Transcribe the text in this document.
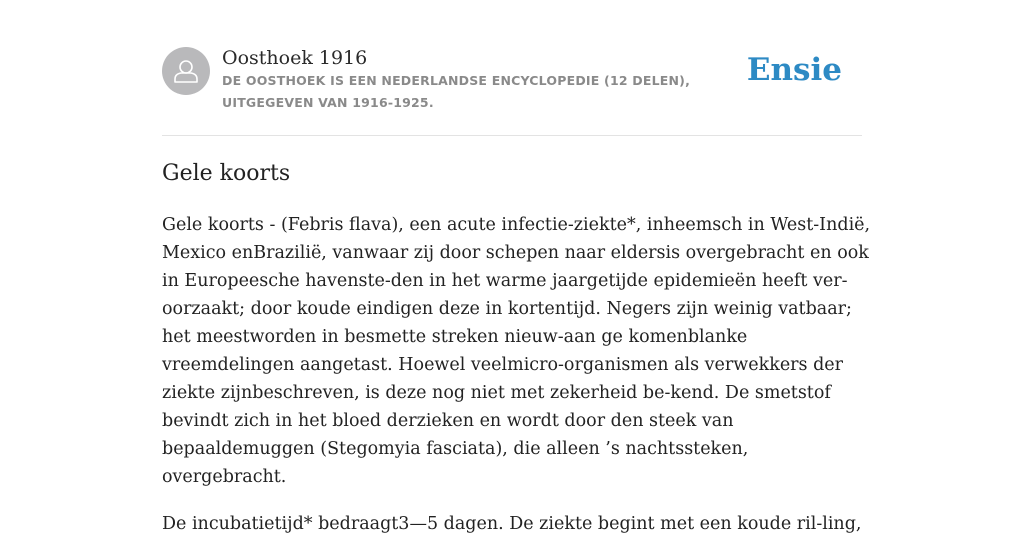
Oosthoek 1916

DE OOSTHOEK IS EEN NEDERLANDSE ENCYCLOPEDIE (12 DELEN), UITGEGEVEN VAN 1916-1925.

Ensie
Gele koorts

Gele koorts - (Febris flava), een acute infectie-ziekte*, inheemsch in West-Indië, Mexico enBrazilië, vanwaar zij door schepen naar eldersis overgebracht en ook in Europeesche havenste-den in het warme jaargetijde epidemieën heeft ver-oorzaakt; door koude eindigen deze in kortentijd. Negers zijn weinig vatbaar; het meestworden in besmette streken nieuw-aan ge komenblanke vreemdelingen aangetast. Hoewel veelmicro-organismen als verwekkers der ziekte zijnbeschreven, is deze nog niet met zekerheid be-kend. De smetstof bevindt zich in het bloed derzieken en wordt door den steek van bepaaldemuggen (Stegomyia fasciata), die alleen ’s nachtssteken, overgebracht.

De incubatietijd* bedraagt3—5 dagen. De ziekte begint met een koude ril-ling,
